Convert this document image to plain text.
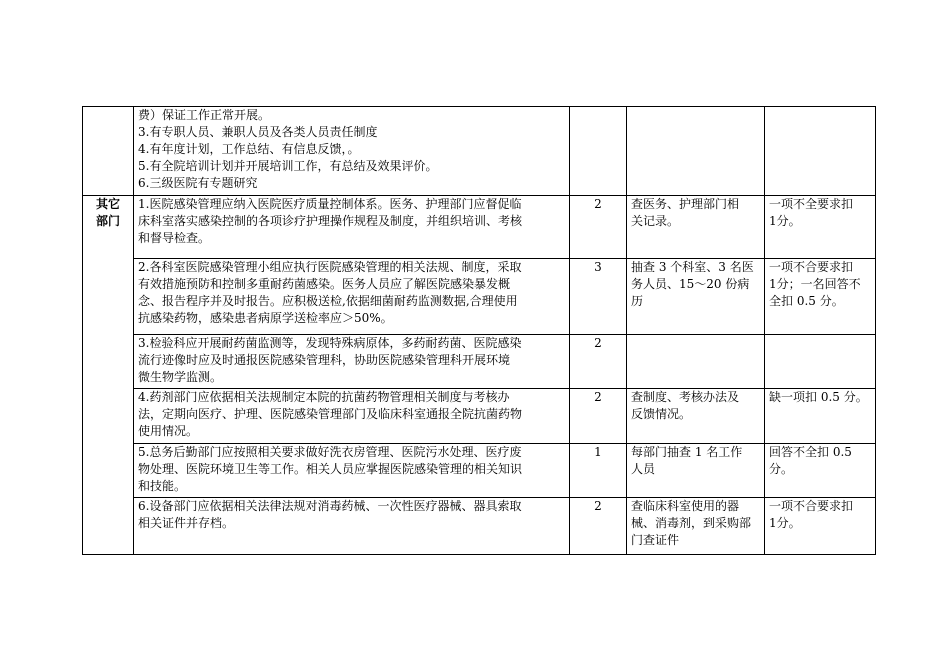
	费）保证工作正常开展。
3.有专职人员、兼职人员及各类人员责任制度
4.有年度计划，工作总结、有信息反馈，。
5.有全院培训计划并开展培训工作，有总结及效果评价。
6.三级医院有专题研究			

其它
部门	1.医院感染管理应纳入医院医疗质量控制体系。医务、护理部门应督促临
床科室落实感染控制的各项诊疗护理操作规程及制度，并组织培训、考核
和督导检查。	2	查医务、护理部门相
关记录。	一项不全要求扣
1分。

	2.各科室医院感染管理小组应执行医院感染管理的相关法规、制度，采取
有效措施预防和控制多重耐药菌感染。医务人员应了解医院感染暴发概
念、报告程序并及时报告。应积极送检,依据细菌耐药监测数据,合理使用
抗感染药物，感染患者病原学送检率应＞50%。	3	抽查 3 个科室、3 名医
务人员、15～20 份病
历	一项不合要求扣
1分；一名回答不
全扣 0.5 分。

	3.检验科应开展耐药菌监测等，发现特殊病原体，多药耐药菌、医院感染
流行迹像时应及时通报医院感染管理科，协助医院感染管理科开展环境
微生物学监测。	2		

	4.药剂部门应依据相关法规制定本院的抗菌药物管理相关制度与考核办
法，定期向医疗、护理、医院感染管理部门及临床科室通报全院抗菌药物
使用情况。	2	查制度、考核办法及
反馈情况。	缺一项扣 0.5 分。

	5.总务后勤部门应按照相关要求做好洗衣房管理、医院污水处理、医疗废
物处理、医院环境卫生等工作。相关人员应掌握医院感染管理的相关知识
和技能。	1	每部门抽查 1 名工作
人员	回答不全扣 0.5
分。

	6.设备部门应依据相关法律法规对消毒药械、一次性医疗器械、器具索取
相关证件并存档。	2	查临床科室使用的器
械、消毒剂，到采购部
门查证件	一项不合要求扣
1分。
